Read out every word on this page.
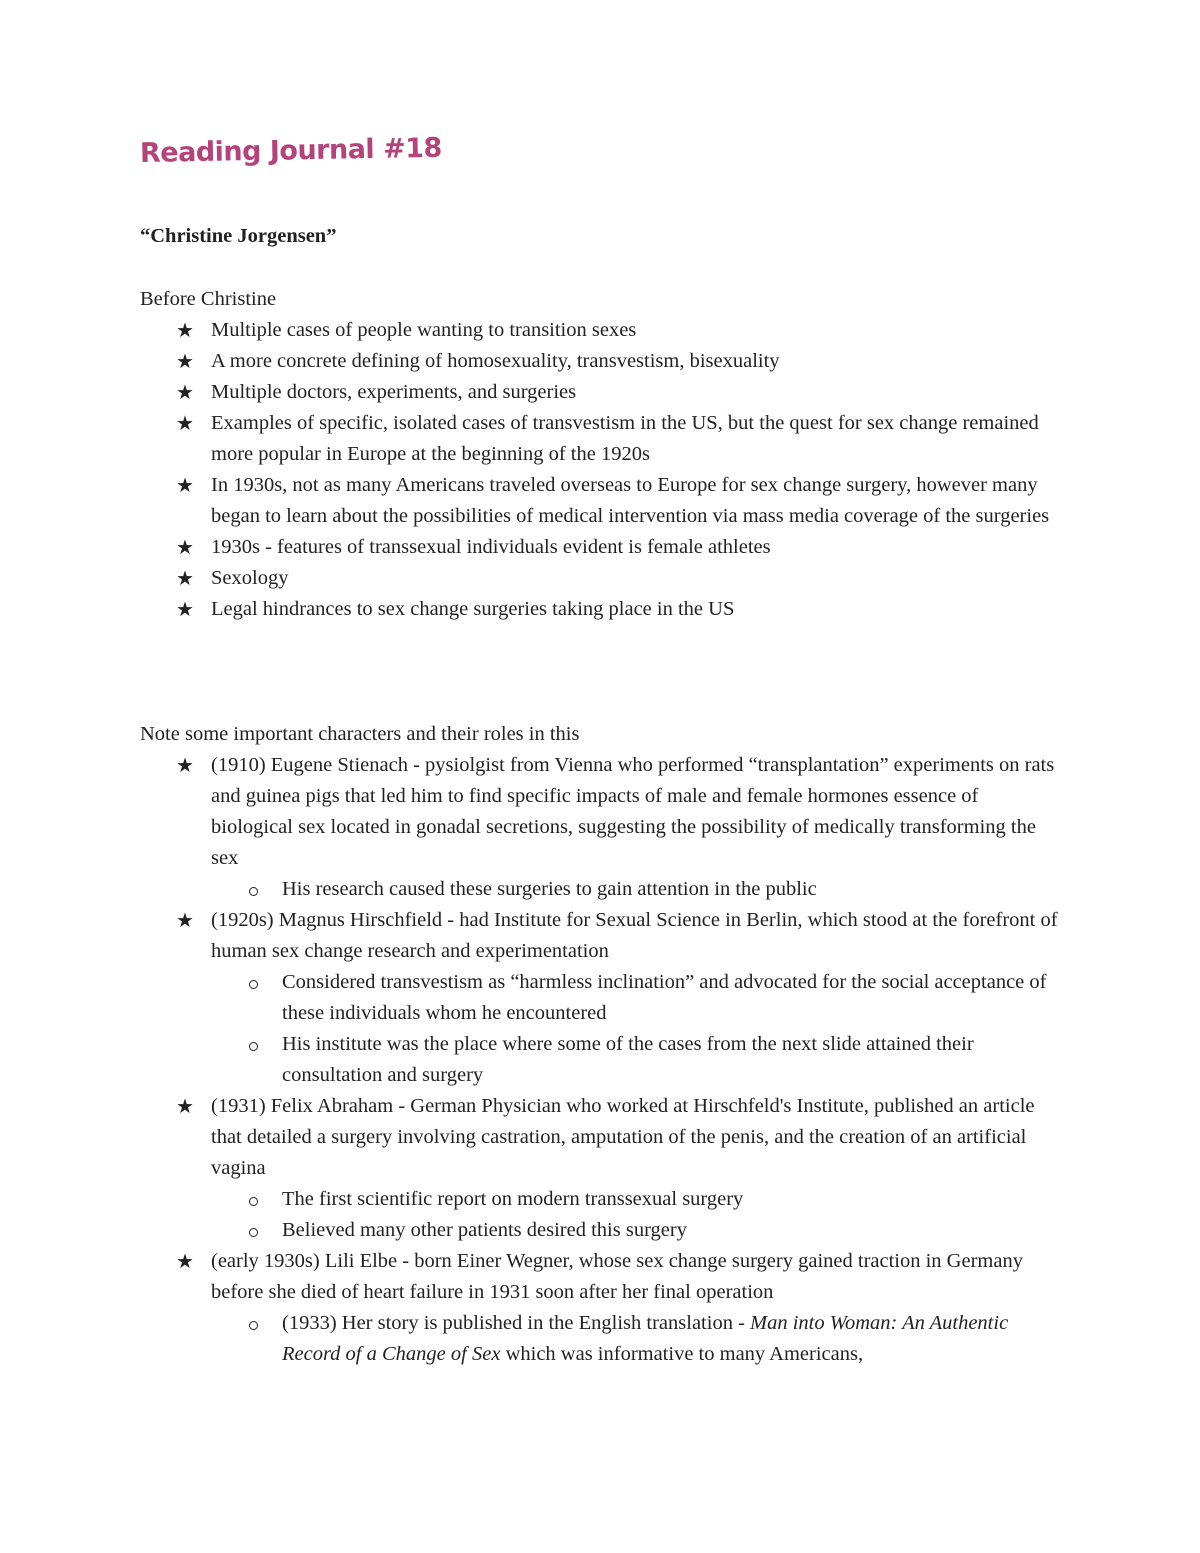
Reading Journal #18
“Christine Jorgensen”

Before Christine

★ Multiple cases of people wanting to transition sexes
★ A more concrete defining of homosexuality, transvestism, bisexuality
★ Multiple doctors, experiments, and surgeries
★ Examples of specific, isolated cases of transvestism in the US, but the quest for sex change remained more popular in Europe at the beginning of the 1920s
★ In 1930s, not as many Americans traveled overseas to Europe for sex change surgery, however many began to learn about the possibilities of medical intervention via mass media coverage of the surgeries
★ 1930s - features of transsexual individuals evident is female athletes
★ Sexology
★ Legal hindrances to sex change surgeries taking place in the US

Note some important characters and their roles in this

★ (1910) Eugene Stienach - pysiolgist from Vienna who performed “transplantation” experiments on rats and guinea pigs that led him to find specific impacts of male and female hormones essence of biological sex located in gonadal secretions, suggesting the possibility of medically transforming the sex
His research caused these surgeries to gain attention in the public
★ (1920s) Magnus Hirschfield - had Institute for Sexual Science in Berlin, which stood at the forefront of human sex change research and experimentation
Considered transvestism as “harmless inclination” and advocated for the social acceptance of these individuals whom he encountered
His institute was the place where some of the cases from the next slide attained their consultation and surgery
★ (1931) Felix Abraham - German Physician who worked at Hirschfeld's Institute, published an article that detailed a surgery involving castration, amputation of the penis, and the creation of an artificial vagina
The first scientific report on modern transsexual surgery
Believed many other patients desired this surgery
★ (early 1930s) Lili Elbe - born Einer Wegner, whose sex change surgery gained traction in Germany before she died of heart failure in 1931 soon after her final operation
(1933) Her story is published in the English translation - Man into Woman: An Authentic Record of a Change of Sex which was informative to many Americans,
